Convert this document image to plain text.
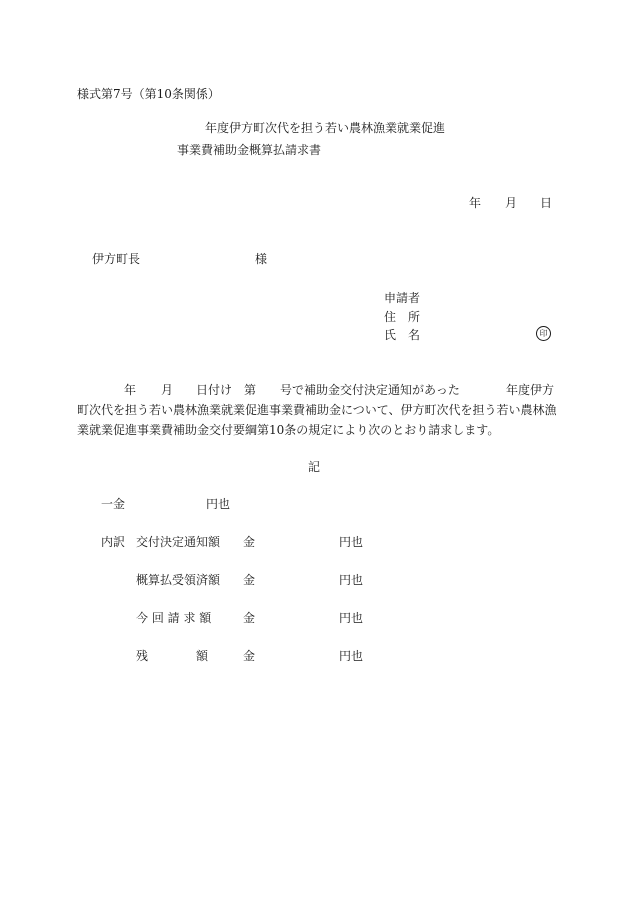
様式第7号（第10条関係）
年度伊方町次代を担う若い農林漁業就業促進
事業費補助金概算払請求書
年 月 日
伊方町長	様
申請者
住　所
氏　名	印
年 月 日付け 第 号で補助金交付決定通知があった	年度伊方
町次代を担う若い農林漁業就業促進事業費補助金について、伊方町次代を担う若い農林漁
業就業促進事業費補助金交付要綱第10条の規定により次のとおり請求します。
記
一金	円也
内訳 交付決定通知額 金	円也
概算払受領済額 金	円也
今 回 請 求 額	金	円也
残　　　　額	金	円也
